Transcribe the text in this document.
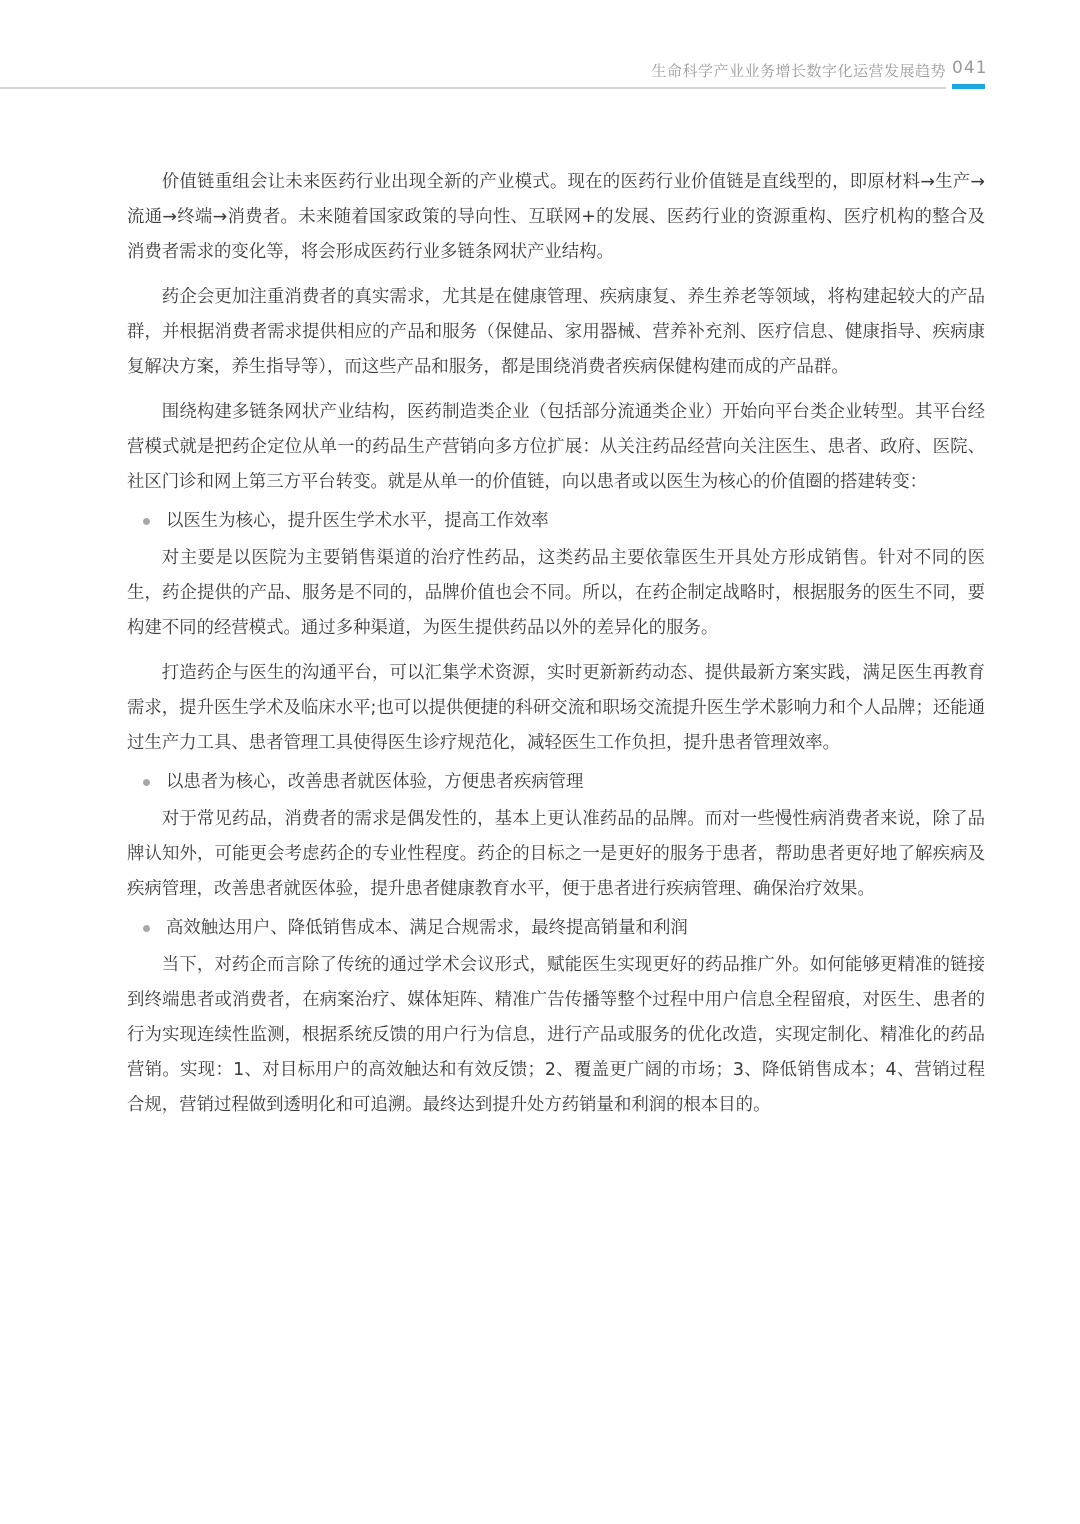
生命科学产业业务增长数字化运营发展趋势 041

价值链重组会让未来医药行业出现全新的产业模式。现在的医药行业价值链是直线型的，即原材料→生产→流通→终端→消费者。未来随着国家政策的导向性、互联网+的发展、医药行业的资源重构、医疗机构的整合及消费者需求的变化等，将会形成医药行业多链条网状产业结构。

药企会更加注重消费者的真实需求，尤其是在健康管理、疾病康复、养生养老等领域，将构建起较大的产品群，并根据消费者需求提供相应的产品和服务（保健品、家用器械、营养补充剂、医疗信息、健康指导、疾病康复解决方案，养生指导等），而这些产品和服务，都是围绕消费者疾病保健构建而成的产品群。

围绕构建多链条网状产业结构，医药制造类企业（包括部分流通类企业）开始向平台类企业转型。其平台经营模式就是把药企定位从单一的药品生产营销向多方位扩展：从关注药品经营向关注医生、患者、政府、医院、社区门诊和网上第三方平台转变。就是从单一的价值链，向以患者或以医生为核心的价值圈的搭建转变：

以医生为核心，提升医生学术水平，提高工作效率

对主要是以医院为主要销售渠道的治疗性药品，这类药品主要依靠医生开具处方形成销售。针对不同的医生，药企提供的产品、服务是不同的，品牌价值也会不同。所以，在药企制定战略时，根据服务的医生不同，要构建不同的经营模式。通过多种渠道，为医生提供药品以外的差异化的服务。

打造药企与医生的沟通平台，可以汇集学术资源，实时更新新药动态、提供最新方案实践，满足医生再教育需求，提升医生学术及临床水平;也可以提供便捷的科研交流和职场交流提升医生学术影响力和个人品牌；还能通过生产力工具、患者管理工具使得医生诊疗规范化，减轻医生工作负担，提升患者管理效率。

以患者为核心，改善患者就医体验，方便患者疾病管理

对于常见药品，消费者的需求是偶发性的，基本上更认准药品的品牌。而对一些慢性病消费者来说，除了品牌认知外，可能更会考虑药企的专业性程度。药企的目标之一是更好的服务于患者，帮助患者更好地了解疾病及疾病管理，改善患者就医体验，提升患者健康教育水平，便于患者进行疾病管理、确保治疗效果。

高效触达用户、降低销售成本、满足合规需求，最终提高销量和利润

当下，对药企而言除了传统的通过学术会议形式，赋能医生实现更好的药品推广外。如何能够更精准的链接到终端患者或消费者，在病案治疗、媒体矩阵、精准广告传播等整个过程中用户信息全程留痕，对医生、患者的行为实现连续性监测，根据系统反馈的用户行为信息，进行产品或服务的优化改造，实现定制化、精准化的药品营销。实现：1、对目标用户的高效触达和有效反馈；2、覆盖更广阔的市场；3、降低销售成本；4、营销过程合规，营销过程做到透明化和可追溯。最终达到提升处方药销量和利润的根本目的。
